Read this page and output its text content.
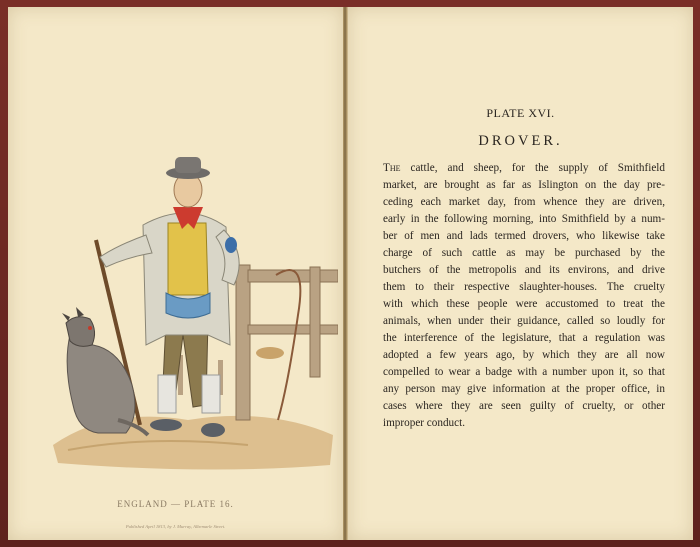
ENGLAND — PLATE 16.
Published April 1813, by J. Murray, Albemarle Street.
PLATE XVI.
DROVER.
The cattle, and sheep, for the supply of Smithfield
market, are brought as far as Islington on the day pre-
ceding each market day, from whence they are driven,
early in the following morning, into Smithfield by a num-
ber of men and lads termed drovers, who likewise take
charge of such cattle as may be purchased by the
butchers of the metropolis and its environs, and drive
them to their respective slaughter-houses. The cruelty
with which these people were accustomed to treat the
animals, when under their guidance, called so loudly for
the interference of the legislature, that a regulation was
adopted a few years ago, by which they are all now
compelled to wear a badge with a number upon it, so that
any person may give information at the proper office, in
cases where they are seen guilty of cruelty, or other
improper conduct.
